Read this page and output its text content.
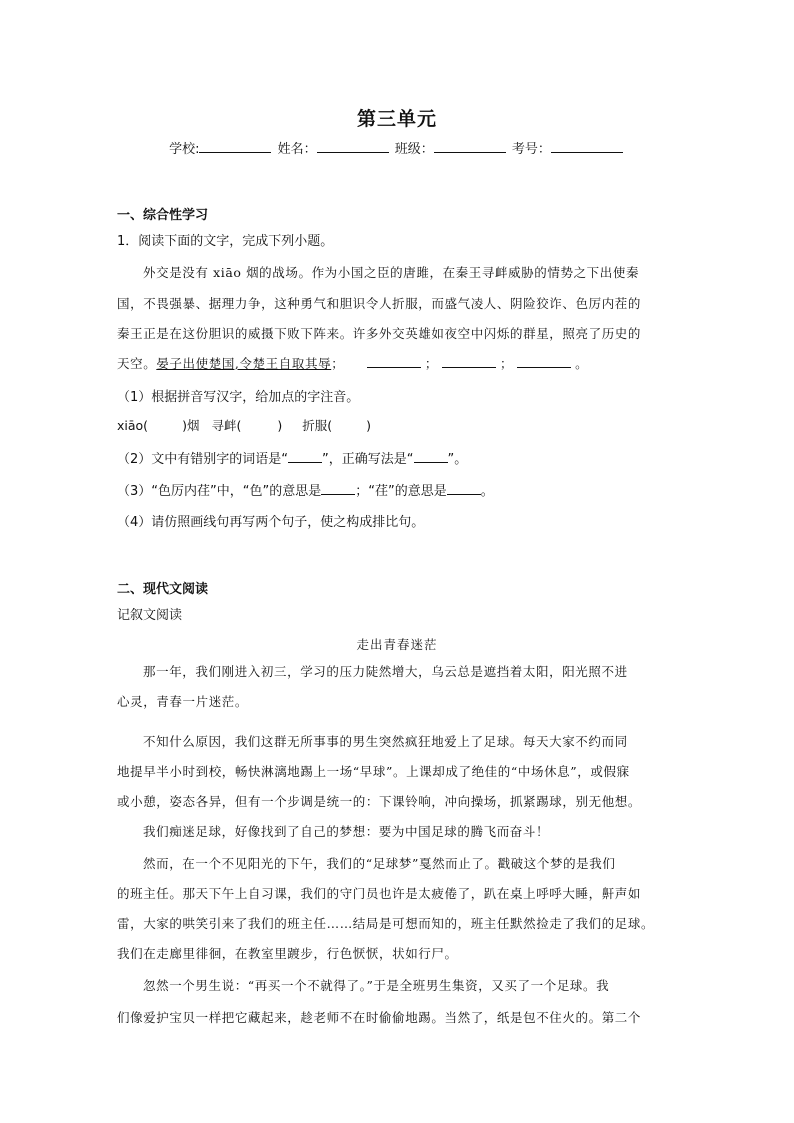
第三单元
学校:	姓名：	班级：	考号：
一、综合性学习
1．阅读下面的文字，完成下列小题。
外交是没有 xiāo 烟的战场。作为小国之臣的唐雎，在秦王寻衅威胁的情势之下出使秦
国，不畏强暴、据理力争，这种勇气和胆识令人折服，而盛气凌人、阴险狡诈、色厉内茬的
秦王正是在这份胆识的威摄下败下阵来。许多外交英雄如夜空中闪烁的群星，照亮了历史的
天空。晏子出使楚国,令楚王自取其辱；	；	；	。
（1）根据拼音写汉字，给加点的字注音。
xiāo(	)烟 寻衅(	) 折服(	)
（2）文中有错别字的词语是“	”，正确写法是“	”。
（3）“色厉内荏”中，“色”的意思是	；“荏”的意思是	。
（4）请仿照画线句再写两个句子，使之构成排比句。
二、现代文阅读
记叙文阅读
走出青春迷茫
那一年，我们刚进入初三，学习的压力陡然增大，乌云总是遮挡着太阳，阳光照不进
心灵，青春一片迷茫。
不知什么原因，我们这群无所事事的男生突然疯狂地爱上了足球。每天大家不约而同
地提早半小时到校，畅快淋漓地踢上一场“早球”。上课却成了绝佳的“中场休息”，或假寐
或小憩，姿态各异，但有一个步调是统一的：下课铃响，冲向操场，抓紧踢球，别无他想。
我们痴迷足球，好像找到了自己的梦想：要为中国足球的腾飞而奋斗！
然而，在一个不见阳光的下午，我们的“足球梦”戛然而止了。戳破这个梦的是我们
的班主任。那天下午上自习课，我们的守门员也许是太疲倦了，趴在桌上呼呼大睡，鼾声如
雷，大家的哄笑引来了我们的班主任……结局是可想而知的，班主任默然捡走了我们的足球。
我们在走廊里徘徊，在教室里踱步，行色恹恹，状如行尸。
忽然一个男生说：“再买一个不就得了。”于是全班男生集资，又买了一个足球。我
们像爱护宝贝一样把它藏起来，趁老师不在时偷偷地踢。当然了，纸是包不住火的。第二个
